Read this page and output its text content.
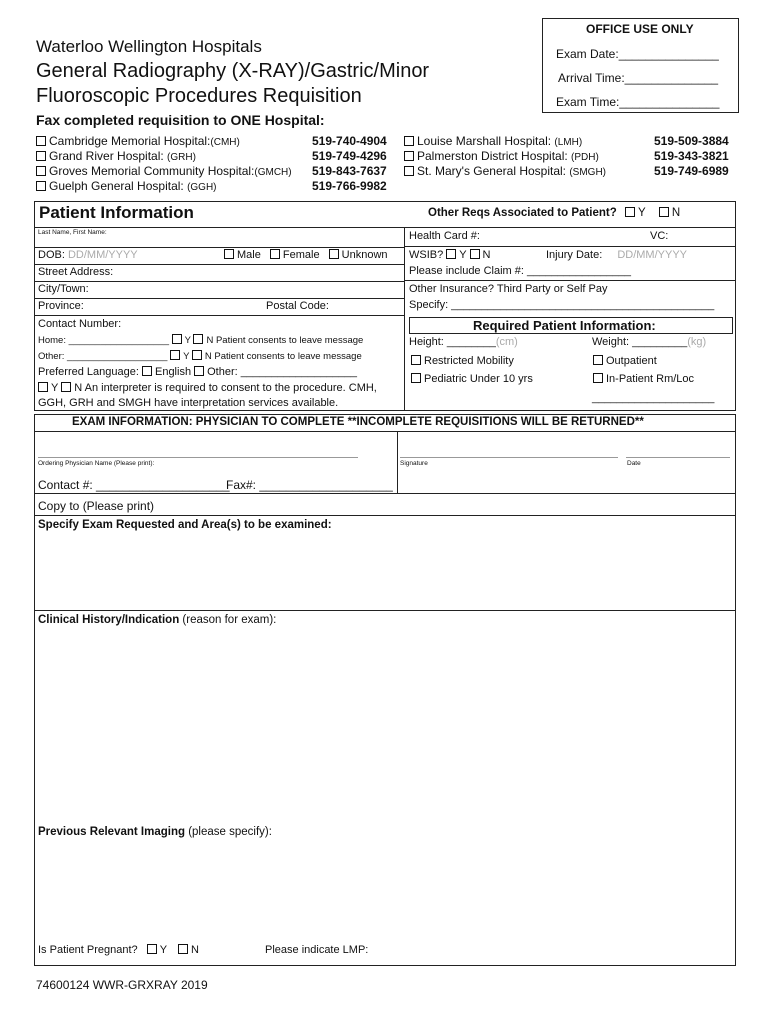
OFFICE USE ONLY
Exam Date:_______________
Arrival Time:______________
Exam Time:_______________
Waterloo Wellington Hospitals
General Radiography (X-RAY)/Gastric/Minor
Fluoroscopic Procedures Requisition
Fax completed requisition to ONE Hospital:
Cambridge Memorial Hospital:(CMH)	519-740-4904
Grand River Hospital: (GRH)	519-749-4296
Groves Memorial Community Hospital:(GMCH) 519-843-7637
Guelph General Hospital: (GGH)	519-766-9982
Louise Marshall Hospital: (LMH)	519-509-3884
Palmerston District Hospital: (PDH)	519-343-3821
St. Mary's General Hospital: (SMGH)	519-749-6989
Patient Information	Other Reqs Associated to Patient? Y N
Last Name, First Name:
DOB: DD/MM/YYYY	Male Female Unknown
Street Address:
City/Town:
Province:	Postal Code:
Contact Number:
Home: ___________________ Y N Patient consents to leave message
Other: ___________________ Y N Patient consents to leave message
Preferred Language: English Other: ___________________
Y N An interpreter is required to consent to the procedure. CMH,
GGH, GRH and SMGH have interpretation services available.
Health Card #:	VC:
WSIB? Y N	Injury Date: DD/MM/YYYY
Please include Claim #: _________________
Other Insurance? Third Party or Self Pay
Specify: ___________________________________________
Required Patient Information:
Height: ________(cm)	Weight: _________(kg)
Restricted Mobility	Outpatient
Pediatric Under 10 yrs	In-Patient Rm/Loc
____________________
EXAM INFORMATION: PHYSICIAN TO COMPLETE **INCOMPLETE REQUISITIONS WILL BE RETURNED**
Ordering Physician Name (Please print):	Signature	Date
Contact #: ____________________
Fax#: ____________________
Copy to (Please print)
Specify Exam Requested and Area(s) to be examined:
Clinical History/Indication (reason for exam):
Previous Relevant Imaging (please specify):
Is Patient Pregnant? Y N	Please indicate LMP:
74600124 WWR-GRXRAY 2019
